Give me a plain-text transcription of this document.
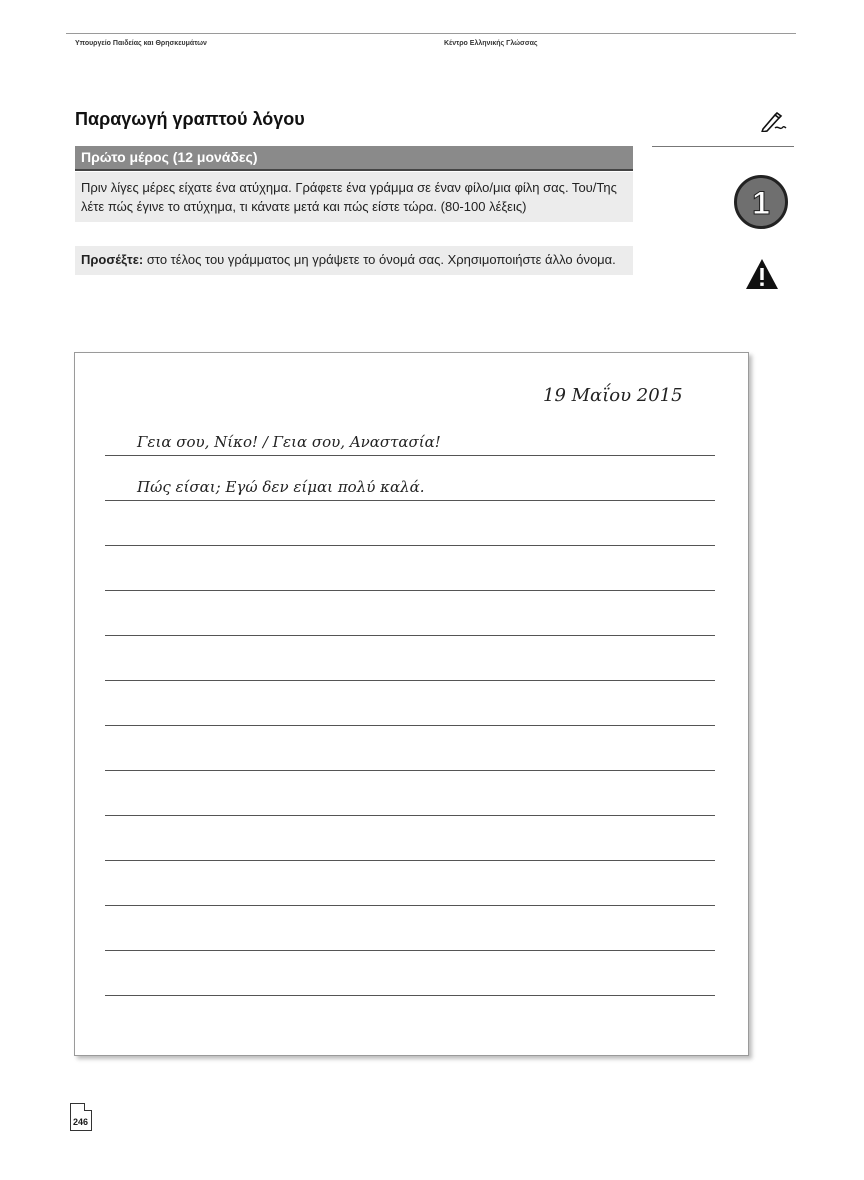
Υπουργείο Παιδείας και Θρησκευμάτων	Κέντρο Ελληνικής Γλώσσας
Παραγωγή γραπτού λόγου
Πρώτο μέρος (12 μονάδες)
Πριν λίγες μέρες είχατε ένα ατύχημα. Γράφετε ένα γράμμα σε έναν φίλο/μια φίλη σας. Του/Της λέτε πώς έγινε το ατύχημα, τι κάνατε μετά και πώς είστε τώρα. (80-100 λέξεις)
Προσέξτε: στο τέλος του γράμματος μη γράψετε το όνομά σας. Χρησιμοποιήστε άλλο όνομα.
1
19 Μαΐου 2015
Γεια σου, Νίκο! / Γεια σου, Αναστασία!
Πώς είσαι; Εγώ δεν είμαι πολύ καλά.
246
